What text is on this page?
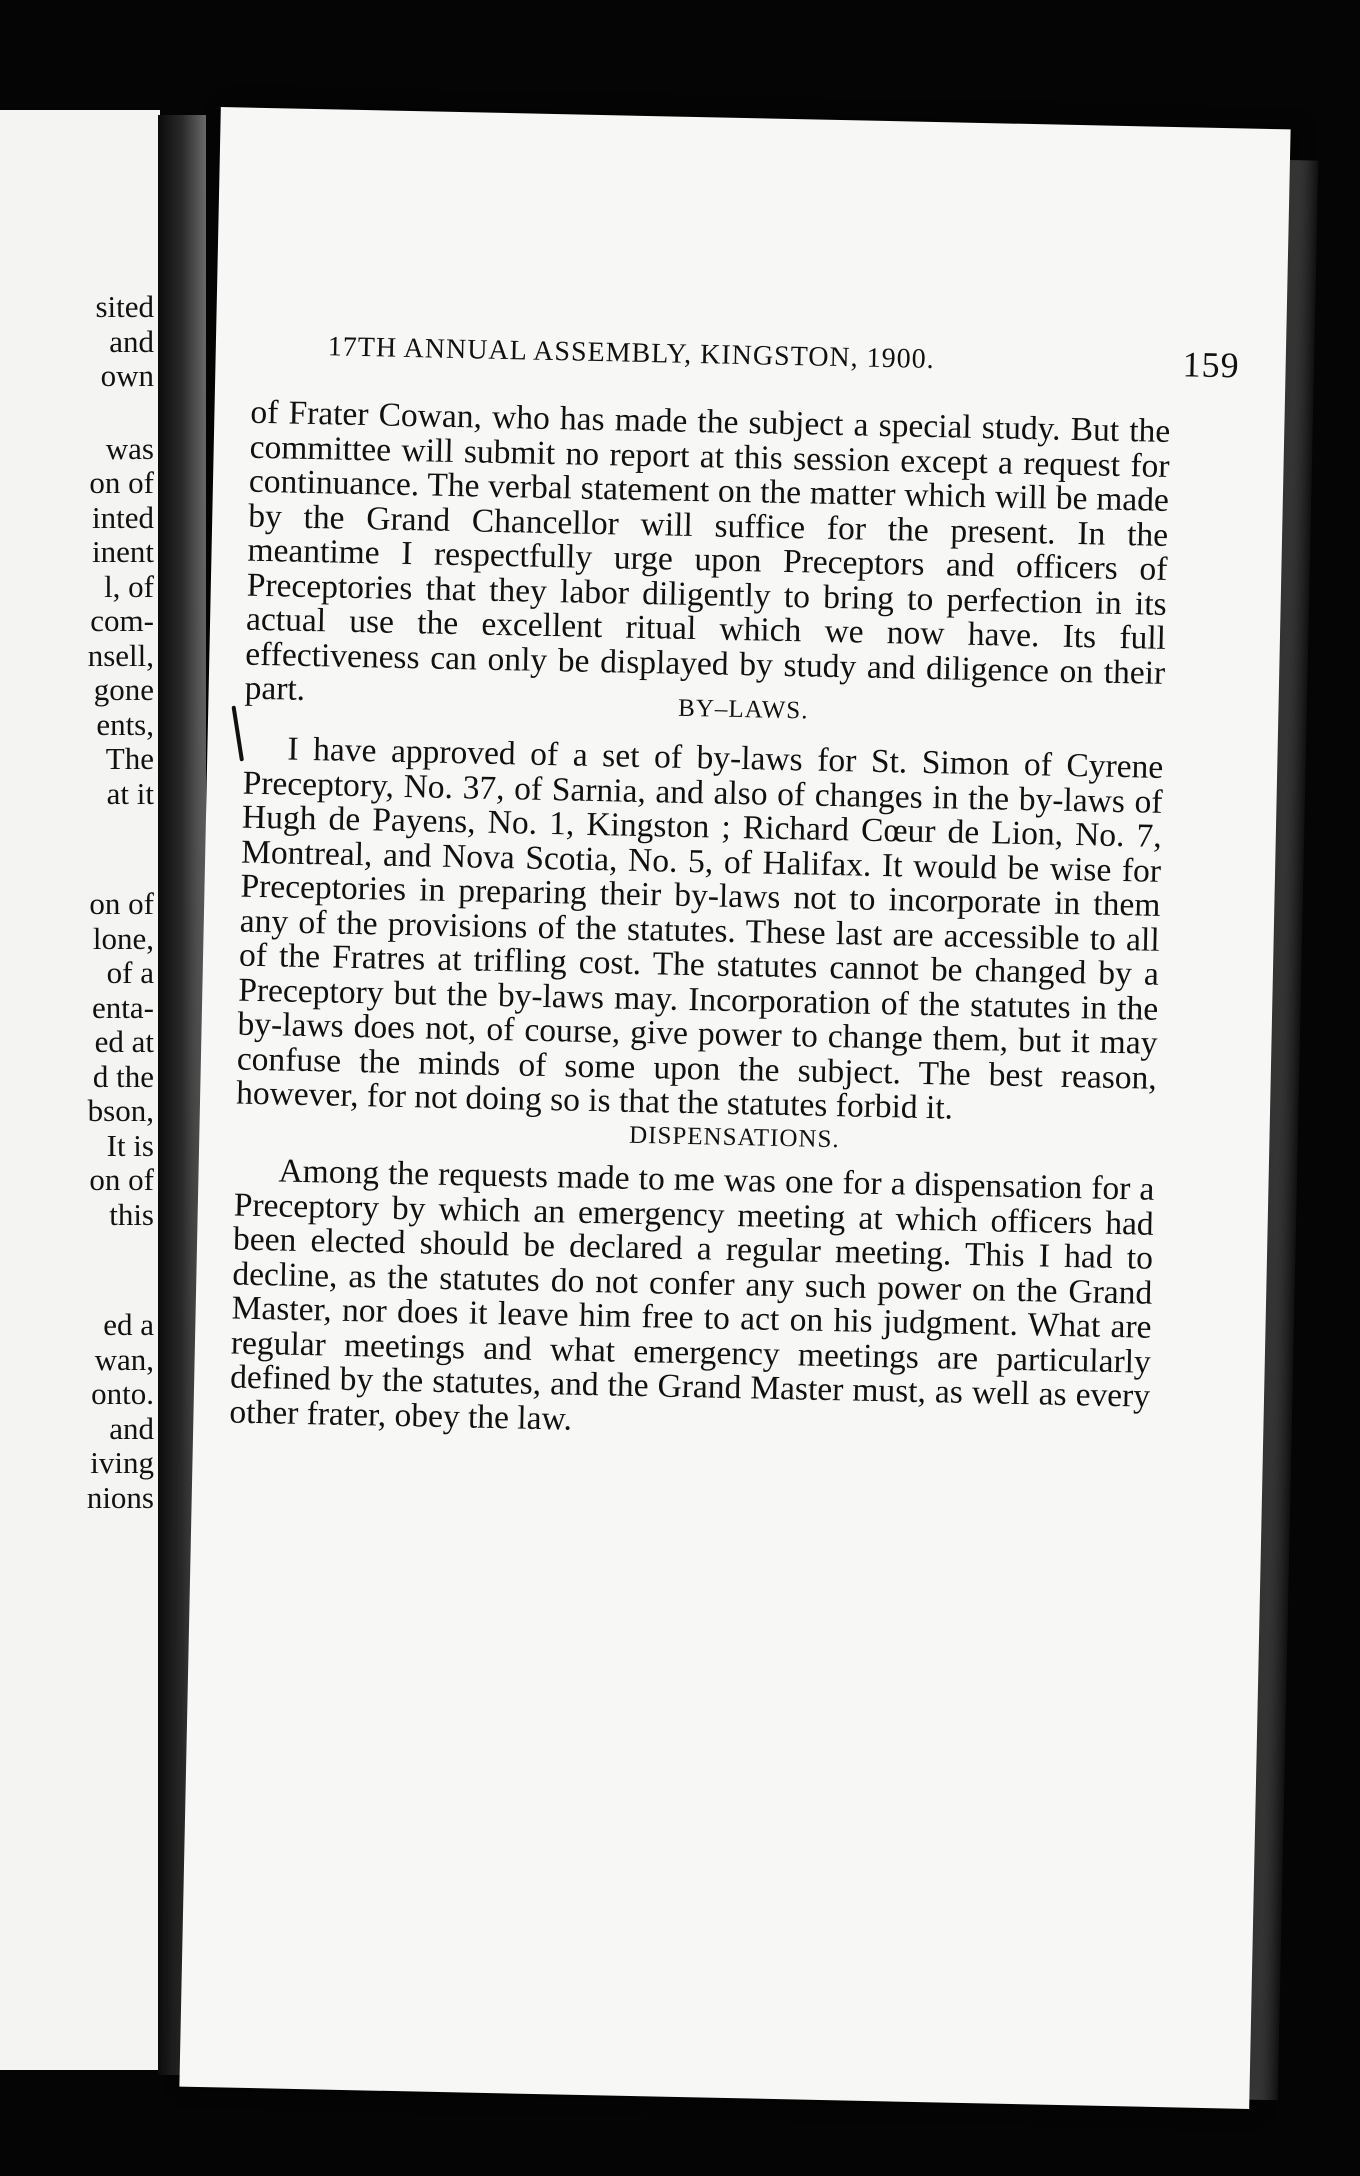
sited
and
own
was
on of
inted
inent
l, of
com-
nsell,
gone
ents,
The
at it
on of
lone,
of a
enta-
ed at
d the
bson,
It is
on of
this
ed a
wan,
onto.
and
iving
nions
17TH ANNUAL ASSEMBLY, KINGSTON, 1900.	159

of Frater Cowan, who has made the subject a special study. But the committee will submit no report at this session except a request for continuance. The verbal statement on the matter which will be made by the Grand Chancellor will suffice for the present. In the meantime I respectfully urge upon Preceptors and officers of Preceptories that they labor diligently to bring to perfection in its actual use the excellent ritual which we now have. Its full effectiveness can only be displayed by study and diligence on their part.

BY–LAWS.

I have approved of a set of by-laws for St. Simon of Cyrene Preceptory, No. 37, of Sarnia, and also of changes in the by-laws of Hugh de Payens, No. 1, Kingston ; Richard Cœur de Lion, No. 7, Montreal, and Nova Scotia, No. 5, of Halifax. It would be wise for Preceptories in preparing their by-laws not to incorporate in them any of the provisions of the statutes. These last are accessible to all of the Fratres at trifling cost. The statutes cannot be changed by a Preceptory but the by-laws may. Incorporation of the statutes in the by-laws does not, of course, give power to change them, but it may confuse the minds of some upon the subject. The best reason, however, for not doing so is that the statutes forbid it.

DISPENSATIONS.

Among the requests made to me was one for a dispensation for a Preceptory by which an emergency meeting at which officers had been elected should be declared a regular meeting. This I had to decline, as the statutes do not confer any such power on the Grand Master, nor does it leave him free to act on his judgment. What are regular meetings and what emergency meetings are particularly defined by the statutes, and the Grand Master must, as well as every other frater, obey the law.
